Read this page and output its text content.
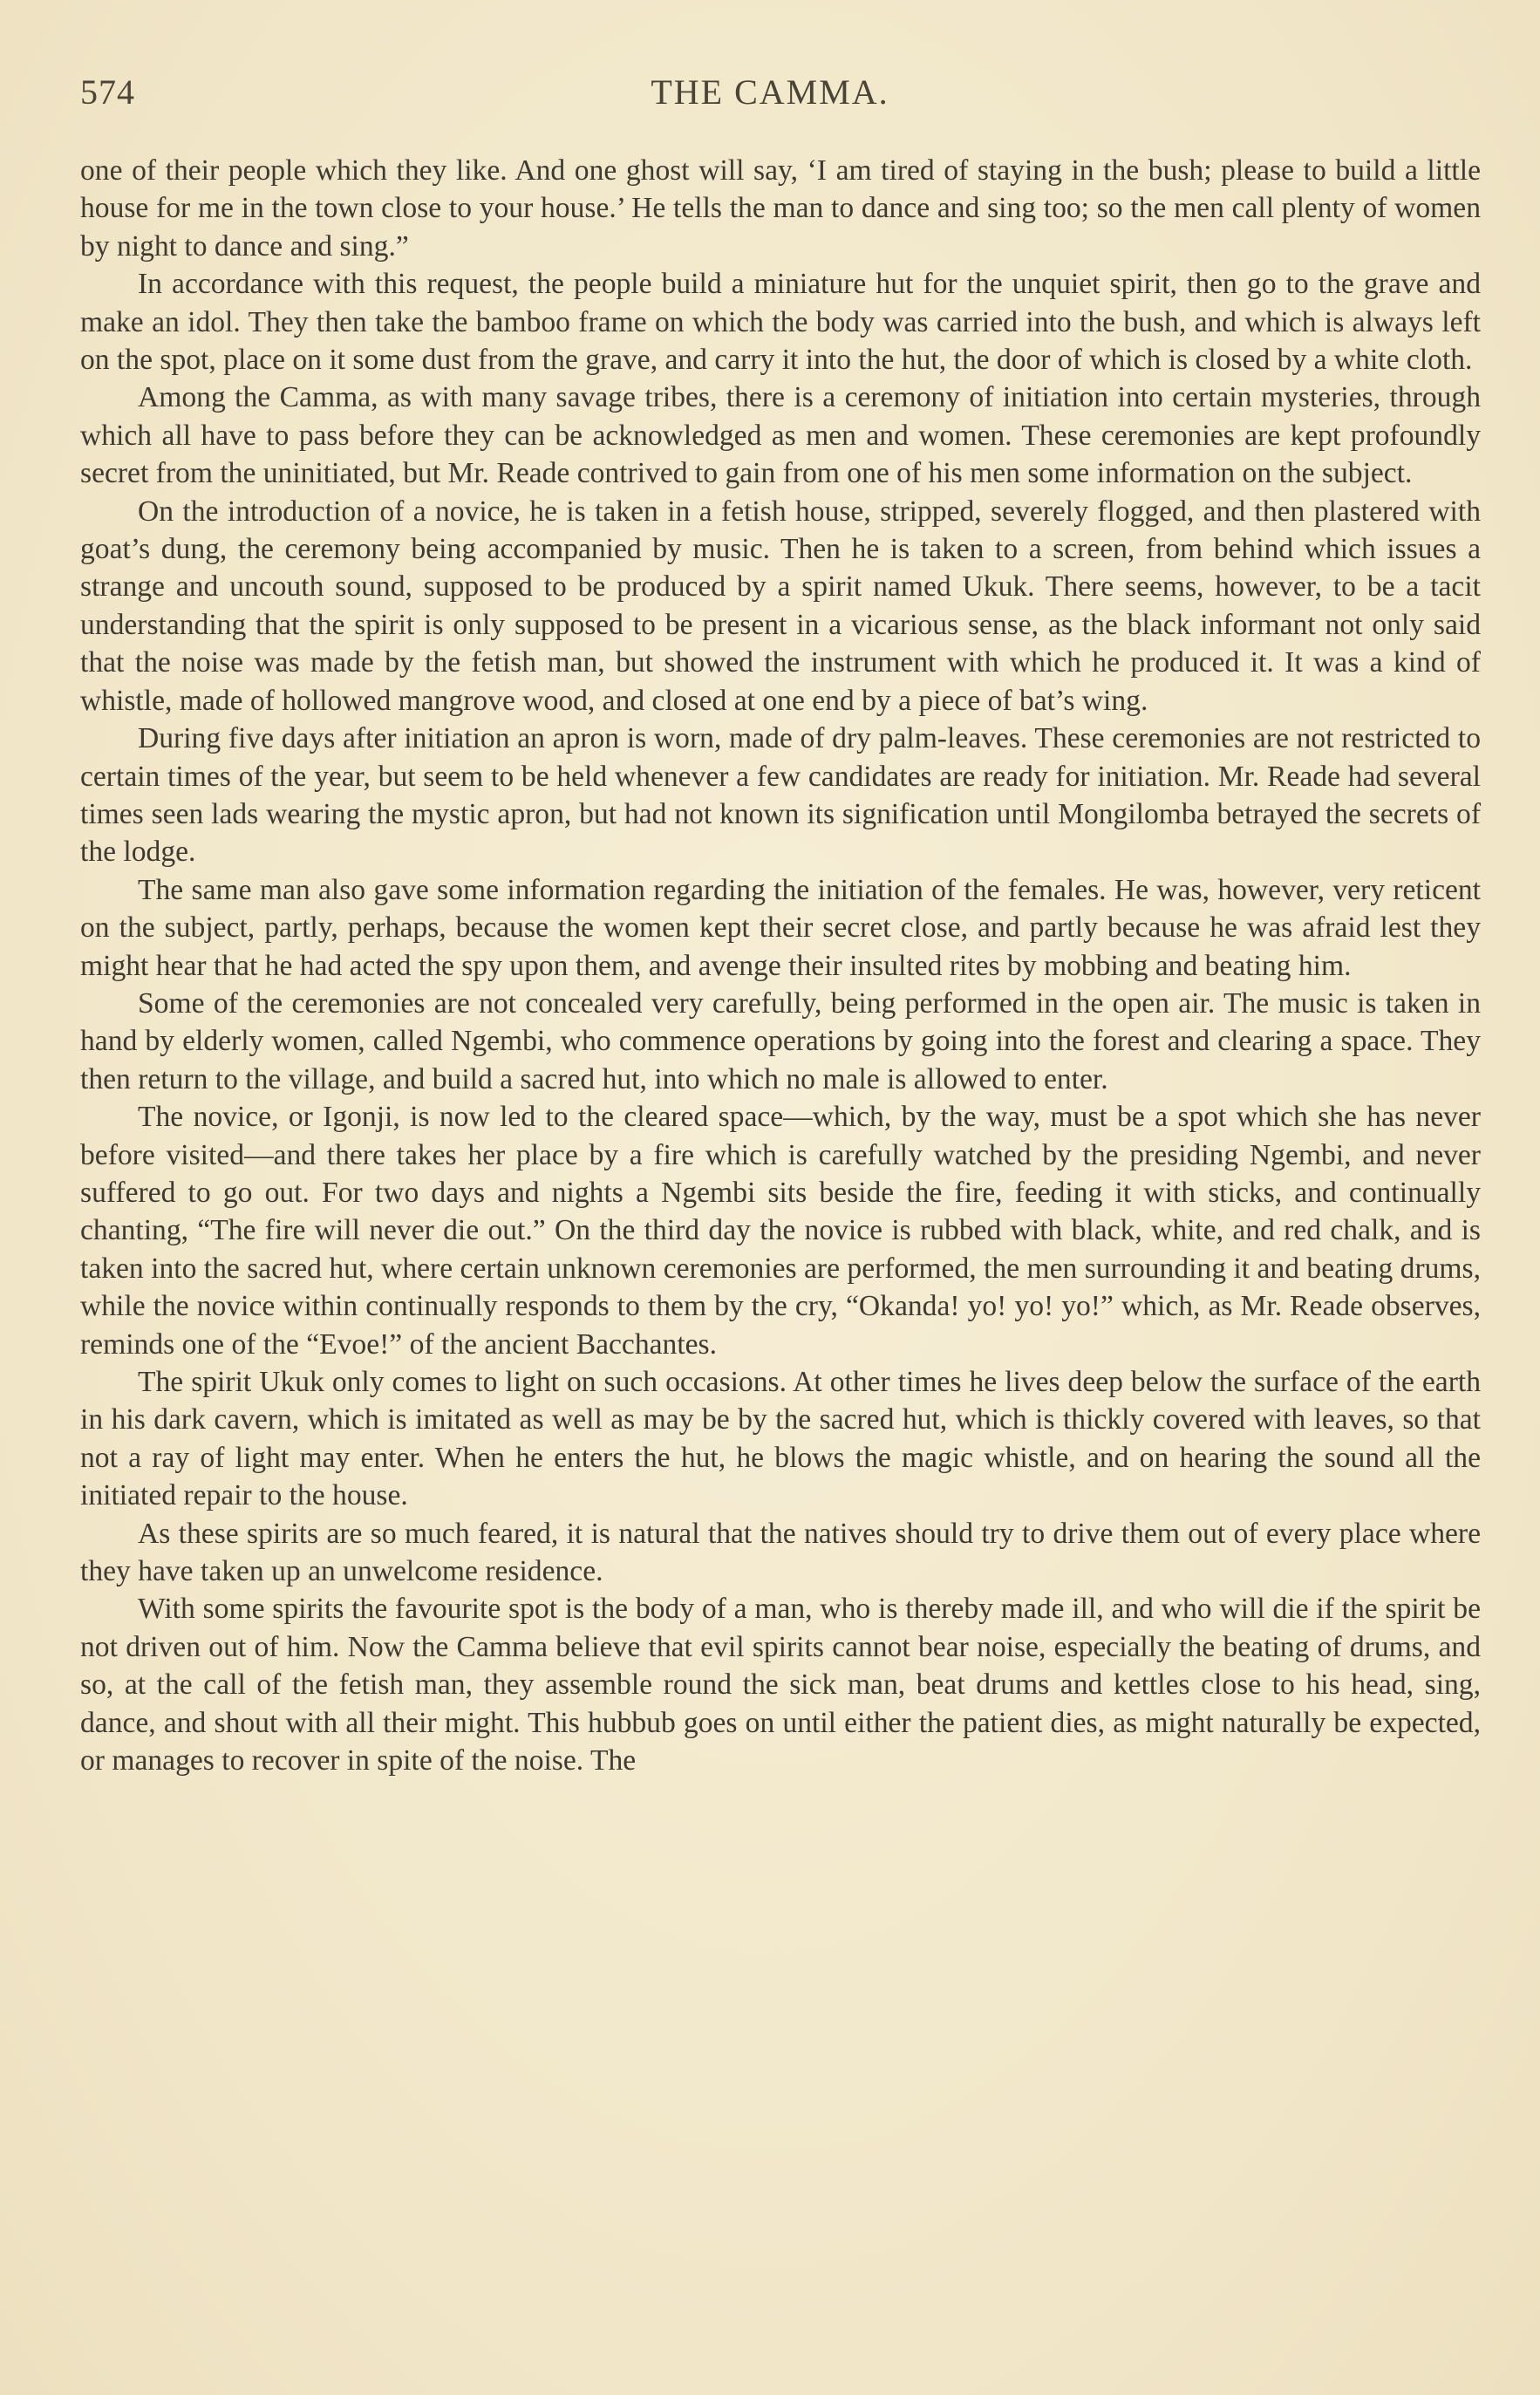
574	THE CAMMA.

one of their people which they like. And one ghost will say, ‘I am tired of staying in the bush; please to build a little house for me in the town close to your house.’ He tells the man to dance and sing too; so the men call plenty of women by night to dance and sing.”

In accordance with this request, the people build a miniature hut for the unquiet spirit, then go to the grave and make an idol. They then take the bamboo frame on which the body was carried into the bush, and which is always left on the spot, place on it some dust from the grave, and carry it into the hut, the door of which is closed by a white cloth.

Among the Camma, as with many savage tribes, there is a ceremony of initiation into certain mysteries, through which all have to pass before they can be acknowledged as men and women. These ceremonies are kept profoundly secret from the uninitiated, but Mr. Reade contrived to gain from one of his men some information on the subject.

On the introduction of a novice, he is taken in a fetish house, stripped, severely flogged, and then plastered with goat’s dung, the ceremony being accompanied by music. Then he is taken to a screen, from behind which issues a strange and uncouth sound, supposed to be produced by a spirit named Ukuk. There seems, however, to be a tacit understanding that the spirit is only supposed to be present in a vicarious sense, as the black informant not only said that the noise was made by the fetish man, but showed the instrument with which he produced it. It was a kind of whistle, made of hollowed mangrove wood, and closed at one end by a piece of bat’s wing.

During five days after initiation an apron is worn, made of dry palm-leaves. These ceremonies are not restricted to certain times of the year, but seem to be held whenever a few candidates are ready for initiation. Mr. Reade had several times seen lads wearing the mystic apron, but had not known its signification until Mongilomba betrayed the secrets of the lodge.

The same man also gave some information regarding the initiation of the females. He was, however, very reticent on the subject, partly, perhaps, because the women kept their secret close, and partly because he was afraid lest they might hear that he had acted the spy upon them, and avenge their insulted rites by mobbing and beating him.

Some of the ceremonies are not concealed very carefully, being performed in the open air. The music is taken in hand by elderly women, called Ngembi, who commence operations by going into the forest and clearing a space. They then return to the village, and build a sacred hut, into which no male is allowed to enter.

The novice, or Igonji, is now led to the cleared space—which, by the way, must be a spot which she has never before visited—and there takes her place by a fire which is carefully watched by the presiding Ngembi, and never suffered to go out. For two days and nights a Ngembi sits beside the fire, feeding it with sticks, and continually chanting, “The fire will never die out.” On the third day the novice is rubbed with black, white, and red chalk, and is taken into the sacred hut, where certain unknown ceremonies are performed, the men surrounding it and beating drums, while the novice within continually responds to them by the cry, “Okanda! yo! yo! yo!” which, as Mr. Reade observes, reminds one of the “Evoe!” of the ancient Bacchantes.

The spirit Ukuk only comes to light on such occasions. At other times he lives deep below the surface of the earth in his dark cavern, which is imitated as well as may be by the sacred hut, which is thickly covered with leaves, so that not a ray of light may enter. When he enters the hut, he blows the magic whistle, and on hearing the sound all the initiated repair to the house.

As these spirits are so much feared, it is natural that the natives should try to drive them out of every place where they have taken up an unwelcome residence.

With some spirits the favourite spot is the body of a man, who is thereby made ill, and who will die if the spirit be not driven out of him. Now the Camma believe that evil spirits cannot bear noise, especially the beating of drums, and so, at the call of the fetish man, they assemble round the sick man, beat drums and kettles close to his head, sing, dance, and shout with all their might. This hubbub goes on until either the patient dies, as might naturally be expected, or manages to recover in spite of the noise. The
